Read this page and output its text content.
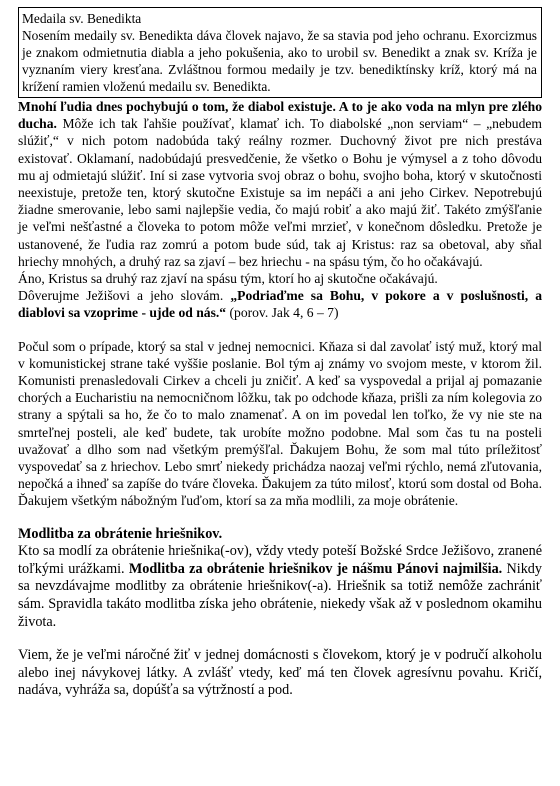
Medaila sv. Benedikta
Nosením medaily sv. Benedikta dáva človek najavo, že sa stavia pod jeho ochranu. Exorcizmus je znakom odmietnutia diabla a jeho pokušenia, ako to urobil sv. Benedikt a znak sv. Kríža je vyznaním viery kresťana. Zvláštnou formou medaily je tzv. benediktínsky kríž, ktorý má na krížení ramien vloženú medailu sv. Benedikta.

Mnohí ľudia dnes pochybujú o tom, že diabol existuje. A to je ako voda na mlyn pre zlého ducha. Môže ich tak ľahšie používať, klamať ich. To diabolské „non serviam“ – „nebudem slúžiť,“ v nich potom nadobúda taký reálny rozmer. Duchovný život pre nich prestáva existovať. Oklamaní, nadobúdajú presvedčenie, že všetko o Bohu je výmysel a z toho dôvodu mu aj odmietajú slúžiť. Iní si zase vytvoria svoj obraz o bohu, svojho boha, ktorý v skutočnosti neexistuje, pretože ten, ktorý skutočne Existuje sa im nepáči a ani jeho Cirkev. Nepotrebujú žiadne smerovanie, lebo sami najlepšie vedia, čo majú robiť a ako majú žiť. Takéto zmýšľanie je veľmi nešťastné a človeka to potom môže veľmi mrzieť, v konečnom dôsledku. Pretože je ustanovené, že ľudia raz zomrú a potom bude súd, tak aj Kristus: raz sa obetoval, aby sňal hriechy mnohých, a druhý raz sa zjaví – bez hriechu - na spásu tým, čo ho očakávajú.

Áno, Kristus sa druhý raz zjaví na spásu tým, ktorí ho aj skutočne očakávajú.

Dôverujme Ježišovi a jeho slovám. „Podriaďme sa Bohu, v pokore a v poslušnosti, a diablovi sa vzoprime - ujde od nás.“ (porov. Jak 4, 6 – 7)

Počul som o prípade, ktorý sa stal v jednej nemocnici. Kňaza si dal zavolať istý muž, ktorý mal v komunistickej strane také vyššie poslanie. Bol tým aj známy vo svojom meste, v ktorom žil. Komunisti prenasledovali Cirkev a chceli ju zničiť. A keď sa vyspovedal a prijal aj pomazanie chorých a Eucharistiu na nemocničnom lôžku, tak po odchode kňaza, prišli za ním kolegovia zo strany a spýtali sa ho, že čo to malo znamenať. A on im povedal len toľko, že vy nie ste na smrteľnej posteli, ale keď budete, tak urobíte možno podobne. Mal som čas tu na posteli uvažovať a dlho som nad všetkým premýšľal. Ďakujem Bohu, že som mal túto príležitosť vyspovedať sa z hriechov. Lebo smrť niekedy prichádza naozaj veľmi rýchlo, nemá zľutovania, nepočká a ihneď sa zapíše do tváre človeka. Ďakujem za túto milosť, ktorú som dostal od Boha. Ďakujem všetkým nábožným ľuďom, ktorí sa za mňa modlili, za moje obrátenie.

Modlitba za obrátenie hriešnikov.

Kto sa modlí za obrátenie hriešnika(-ov), vždy vtedy poteší Božské Srdce Ježišovo, zranené toľkými urážkami. Modlitba za obrátenie hriešnikov je nášmu Pánovi najmilšia. Nikdy sa nevzdávajme modlitby za obrátenie hriešnikov(-a). Hriešnik sa totiž nemôže zachrániť sám. Spravidla takáto modlitba získa jeho obrátenie, niekedy však až v poslednom okamihu života.

Viem, že je veľmi náročné žiť v jednej domácnosti s človekom, ktorý je v područí alkoholu alebo inej návykovej látky. A zvlášť vtedy, keď má ten človek agresívnu povahu. Kričí, nadáva, vyhráža sa, dopúšťa sa výtržností a pod.
